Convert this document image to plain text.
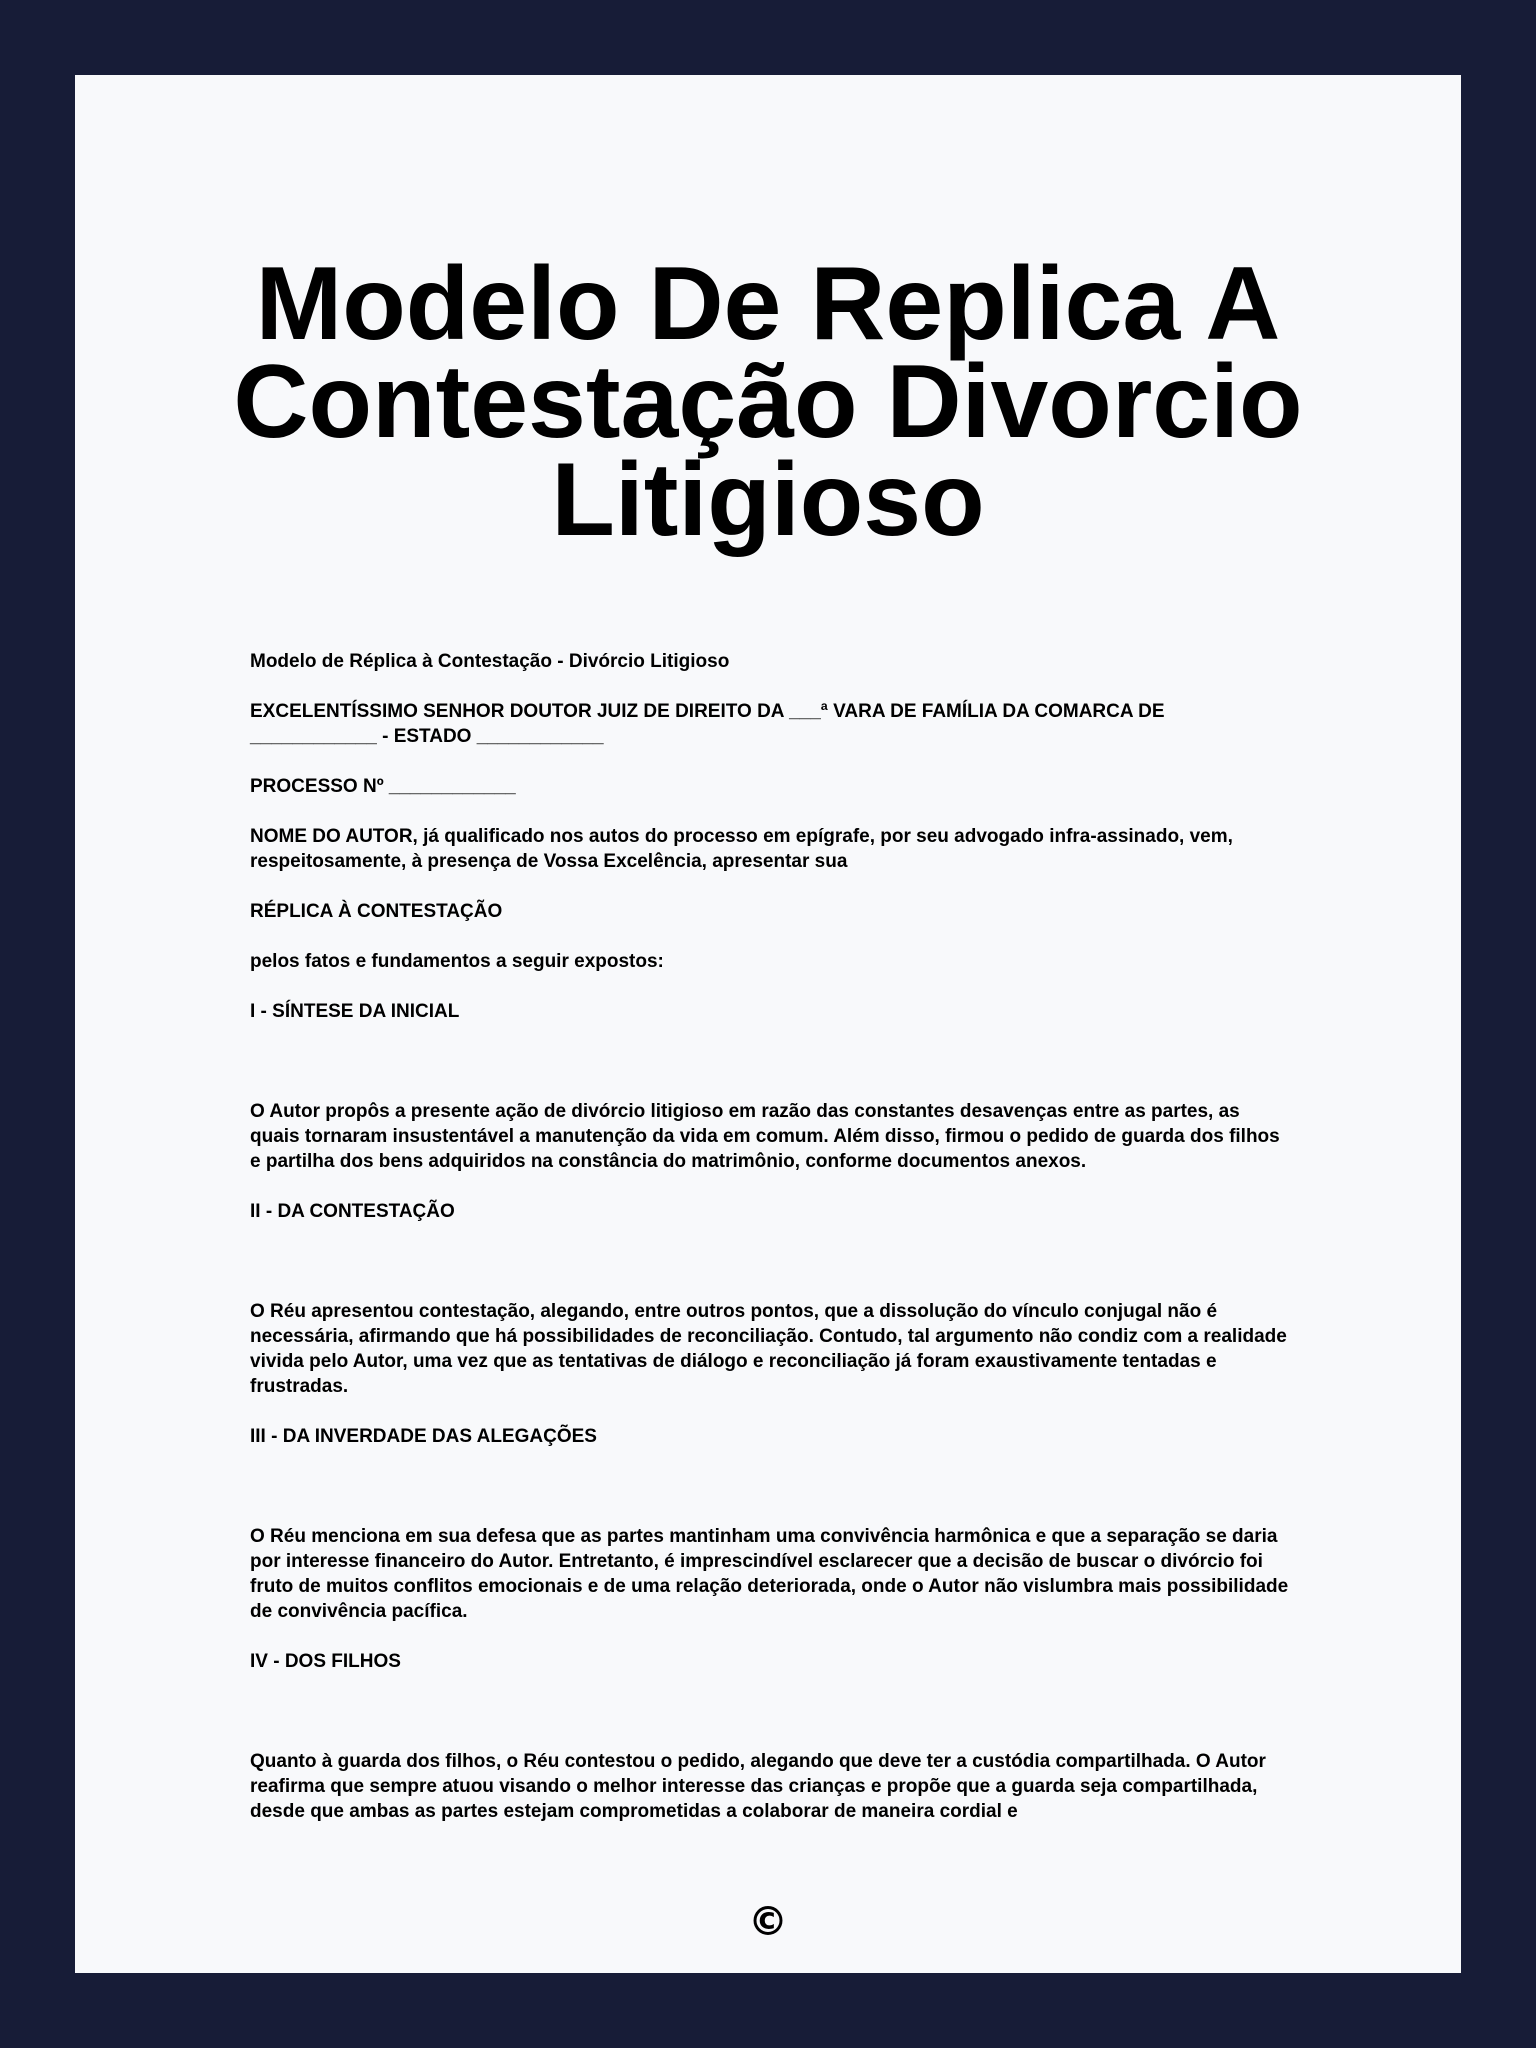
Modelo De Replica A Contestação Divorcio Litigioso

Modelo de Réplica à Contestação - Divórcio Litigioso

EXCELENTÍSSIMO SENHOR DOUTOR JUIZ DE DIREITO DA ___ª VARA DE FAMÍLIA DA COMARCA DE ____________ - ESTADO ____________

PROCESSO Nº ____________

NOME DO AUTOR, já qualificado nos autos do processo em epígrafe, por seu advogado infra-assinado, vem, respeitosamente, à presença de Vossa Excelência, apresentar sua

RÉPLICA À CONTESTAÇÃO

pelos fatos e fundamentos a seguir expostos:

I - SÍNTESE DA INICIAL

O Autor propôs a presente ação de divórcio litigioso em razão das constantes desavenças entre as partes, as quais tornaram insustentável a manutenção da vida em comum. Além disso, firmou o pedido de guarda dos filhos e partilha dos bens adquiridos na constância do matrimônio, conforme documentos anexos.

II - DA CONTESTAÇÃO

O Réu apresentou contestação, alegando, entre outros pontos, que a dissolução do vínculo conjugal não é necessária, afirmando que há possibilidades de reconciliação. Contudo, tal argumento não condiz com a realidade vivida pelo Autor, uma vez que as tentativas de diálogo e reconciliação já foram exaustivamente tentadas e frustradas.

III - DA INVERDADE DAS ALEGAÇÕES

O Réu menciona em sua defesa que as partes mantinham uma convivência harmônica e que a separação se daria por interesse financeiro do Autor. Entretanto, é imprescindível esclarecer que a decisão de buscar o divórcio foi fruto de muitos conflitos emocionais e de uma relação deteriorada, onde o Autor não vislumbra mais possibilidade de convivência pacífica.

IV - DOS FILHOS

Quanto à guarda dos filhos, o Réu contestou o pedido, alegando que deve ter a custódia compartilhada. O Autor reafirma que sempre atuou visando o melhor interesse das crianças e propõe que a guarda seja compartilhada, desde que ambas as partes estejam comprometidas a colaborar de maneira cordial e

©
